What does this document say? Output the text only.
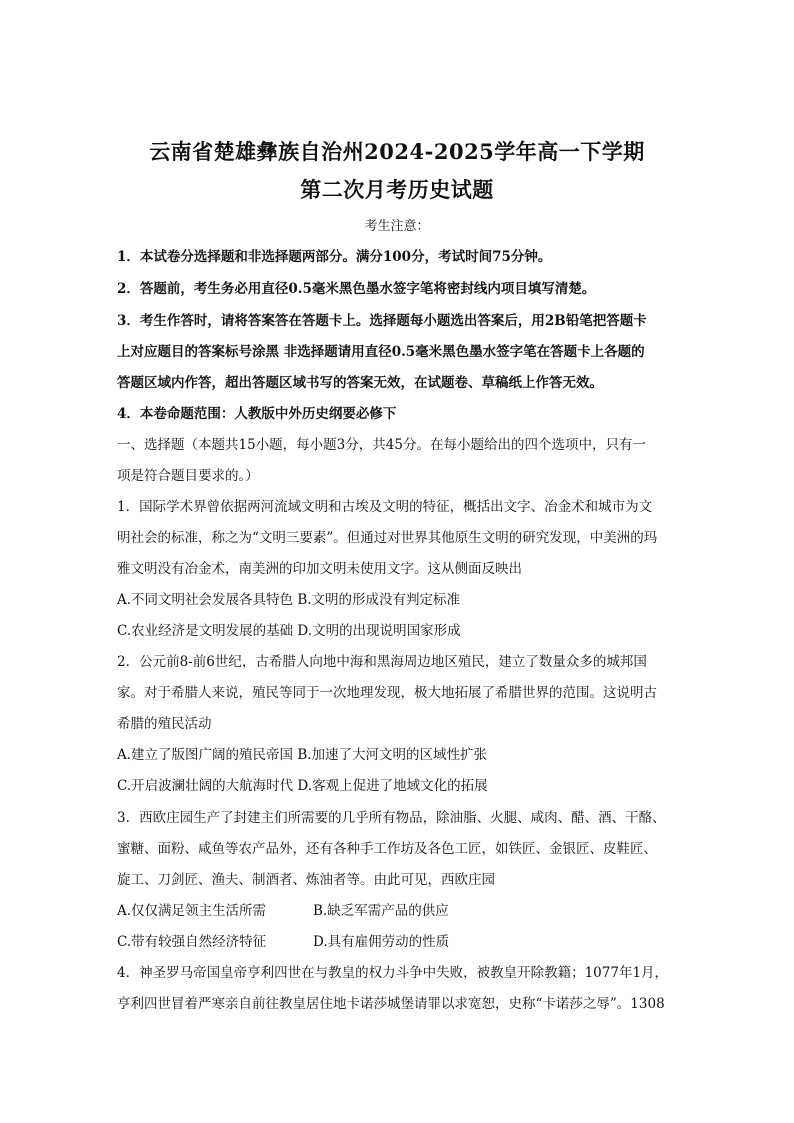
云南省楚雄彝族自治州2024-2025学年高一下学期
第二次月考历史试题
考生注意：
1．本试卷分选择题和非选择题两部分。满分100分，考试时间75分钟。
2．答题前，考生务必用直径0.5毫米黑色墨水签字笔将密封线内项目填写清楚。
3．考生作答时，请将答案答在答题卡上。选择题每小题选出答案后，用2B铅笔把答题卡
上对应题目的答案标号涂黑 非选择题请用直径0.5毫米黑色墨水签字笔在答题卡上各题的
答题区域内作答，超出答题区域书写的答案无效，在试题卷、草稿纸上作答无效。
4．本卷命题范围：人教版中外历史纲要必修下
一、选择题（本题共15小题，每小题3分，共45分。在每小题给出的四个选项中，只有一
项是符合题目要求的。）
1．国际学术界曾依据两河流域文明和古埃及文明的特征，概括出文字、冶金术和城市为文
明社会的标准，称之为“文明三要素”。但通过对世界其他原生文明的研究发现，中美洲的玛
雅文明没有冶金术，南美洲的印加文明未使用文字。这从侧面反映出
A.不同文明社会发展各具特色 B.文明的形成没有判定标准
C.农业经济是文明发展的基础 D.文明的出现说明国家形成
2．公元前8-前6世纪，古希腊人向地中海和黑海周边地区殖民，建立了数量众多的城邦国
家。对于希腊人来说，殖民等同于一次地理发现，极大地拓展了希腊世界的范围。这说明古
希腊的殖民活动
A.建立了版图广阔的殖民帝国 B.加速了大河文明的区域性扩张
C.开启波澜壮阔的大航海时代 D.客观上促进了地域文化的拓展
3．西欧庄园生产了封建主们所需要的几乎所有物品，除油脂、火腿、咸肉、醋、酒、干酪、
蜜糖、面粉、咸鱼等农产品外，还有各种手工作坊及各色工匠，如铁匠、金银匠、皮鞋匠、
旋工、刀剑匠、渔夫、制酒者、炼油者等。由此可见，西欧庄园
A.仅仅满足领主生活所需	B.缺乏军需产品的供应
C.带有较强自然经济特征	D.具有雇佣劳动的性质
4．神圣罗马帝国皇帝亨利四世在与教皇的权力斗争中失败，被教皇开除教籍；1077年1月，
亨利四世冒着严寒亲自前往教皇居住地卡诺莎城堡请罪以求宽恕，史称“卡诺莎之辱”。1308
